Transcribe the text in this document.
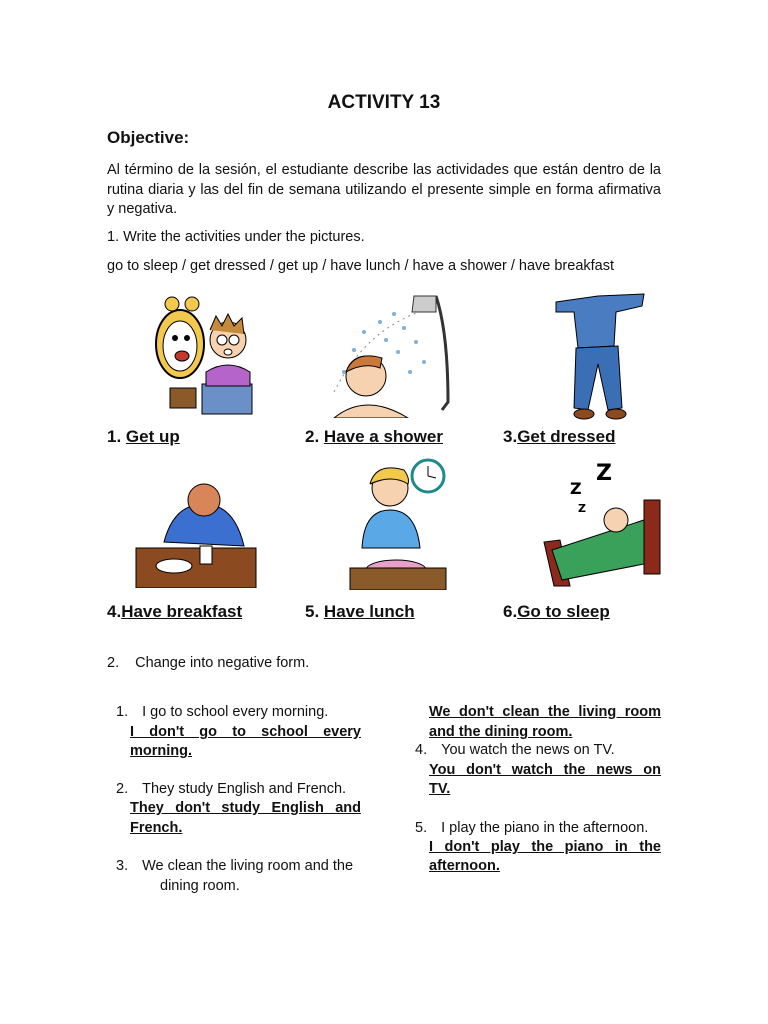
ACTIVITY 13
Objective:
Al término de la sesión, el estudiante describe las actividades que están dentro de la rutina diaria y las del fin de semana utilizando el presente simple en forma afirmativa y negativa.
1. Write the activities under the pictures.
go to sleep / get dressed / get up / have lunch / have a shower / have breakfast
Z
Z
Z
1. Get up	2. Have a shower	3.Get dressed
4.Have breakfast	5. Have lunch	6.Go to sleep
2. Change into negative form.
1. I go to school every morning.
I don't go to school every
morning.
2. They study English and French.
They don't study English and
French.
3. We clean the living room and the
dining room.
We don't clean the living room
and the dining room.
4. You watch the news on TV.
You don't watch the news on
TV.
5. I play the piano in the afternoon.
I don't play the piano in the
afternoon.
